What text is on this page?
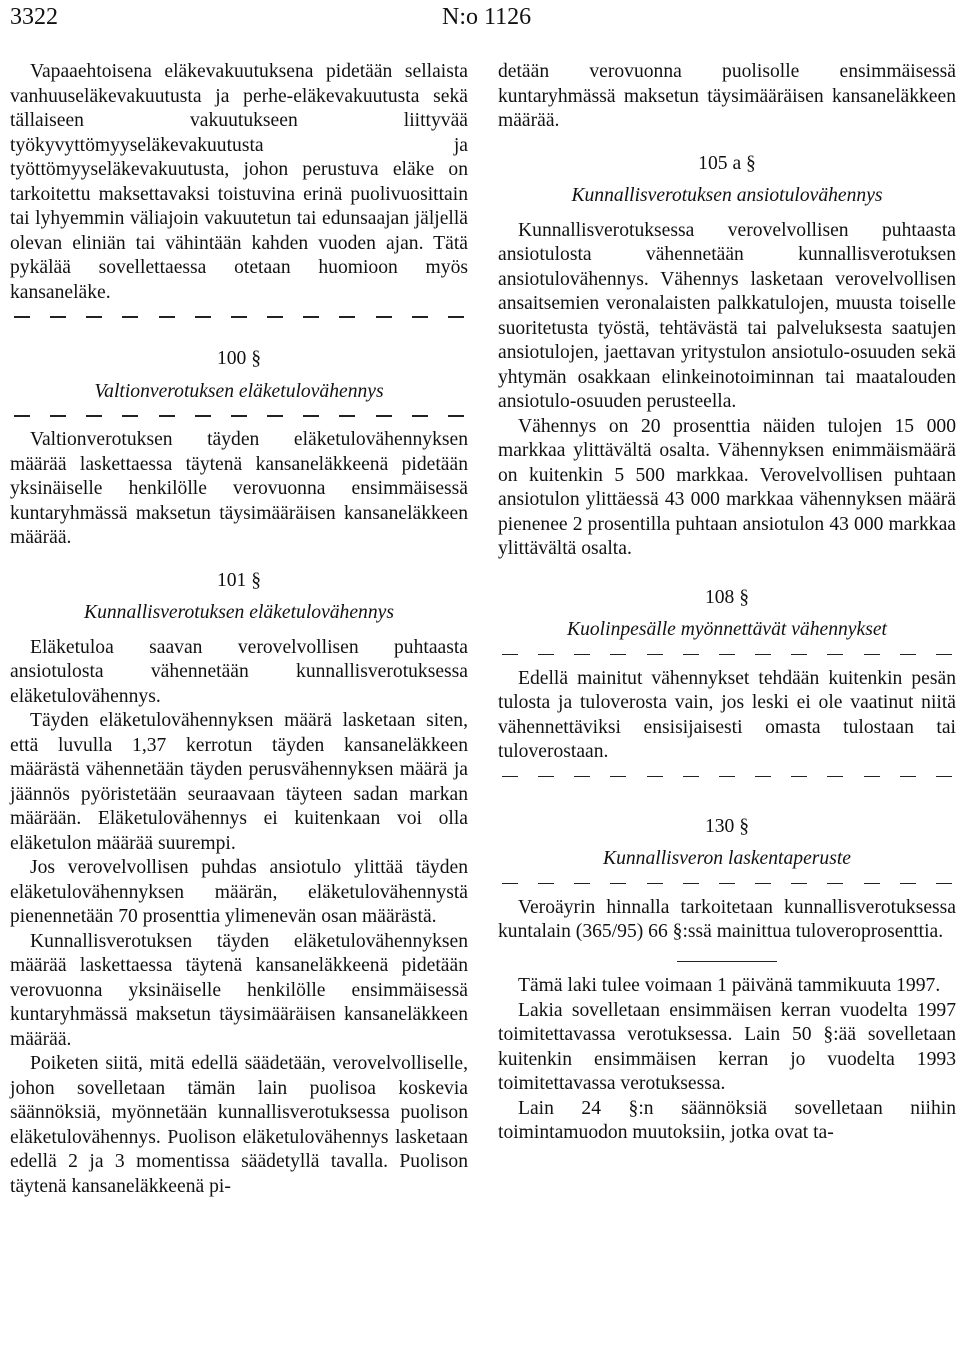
3322	N:o 1126

Vapaaehtoisena eläkevakuutuksena pidetään sellaista vanhuuseläkevakuutusta ja perhe-eläkevakuutusta sekä tällaiseen vakuutukseen liittyvää työkyvyttömyyseläkevakuutusta ja työttömyyseläkevakuutusta, johon perustuva eläke on tarkoitettu maksettavaksi toistuvina erinä puolivuosittain tai lyhyemmin väliajoin vakuutetun tai edunsaajan jäljellä olevan eliniän tai vähintään kahden vuoden ajan. Tätä pykälää sovellettaessa otetaan huomioon myös kansaneläke.

100 §
Valtionverotuksen eläketulovähennys

Valtionverotuksen täyden eläketulovähennyksen määrää laskettaessa täytenä kansaneläkkeenä pidetään yksinäiselle henkilölle verovuonna ensimmäisessä kuntaryhmässä maksetun täysimääräisen kansaneläkkeen määrää.

101 §
Kunnallisverotuksen eläketulovähennys

Eläketuloa saavan verovelvollisen puhtaasta ansiotulosta vähennetään kunnallisverotuksessa eläketulovähennys.

Täyden eläketulovähennyksen määrä lasketaan siten, että luvulla 1,37 kerrotun täyden kansaneläkkeen määrästä vähennetään täyden perusvähennyksen määrä ja jäännös pyöristetään seuraavaan täyteen sadan markan määrään. Eläketulovähennys ei kuitenkaan voi olla eläketulon määrää suurempi.

Jos verovelvollisen puhdas ansiotulo ylittää täyden eläketulovähennyksen määrän, eläketulovähennystä pienennetään 70 prosenttia ylimenevän osan määrästä.

Kunnallisverotuksen täyden eläketulovähennyksen määrää laskettaessa täytenä kansaneläkkeenä pidetään verovuonna yksinäiselle henkilölle ensimmäisessä kuntaryhmässä maksetun täysimääräisen kansaneläkkeen määrää.

Poiketen siitä, mitä edellä säädetään, verovelvolliselle, johon sovelletaan tämän lain puolisoa koskevia säännöksiä, myönnetään kunnallisverotuksessa puolison eläketulovähennys. Puolison eläketulovähennys lasketaan edellä 2 ja 3 momentissa säädetyllä tavalla. Puolison täytenä kansaneläkkeenä pi-

detään verovuonna puolisolle ensimmäisessä kuntaryhmässä maksetun täysimääräisen kansaneläkkeen määrää.

105 a §
Kunnallisverotuksen ansiotulovähennys

Kunnallisverotuksessa verovelvollisen puhtaasta ansiotulosta vähennetään kunnallisverotuksen ansiotulovähennys. Vähennys lasketaan verovelvollisen ansaitsemien veronalaisten palkkatulojen, muusta toiselle suoritetusta työstä, tehtävästä tai palveluksesta saatujen ansiotulojen, jaettavan yritystulon ansiotulo-osuuden sekä yhtymän osakkaan elinkeinotoiminnan tai maatalouden ansiotulo-osuuden perusteella.

Vähennys on 20 prosenttia näiden tulojen 15 000 markkaa ylittävältä osalta. Vähennyksen enimmäismäärä on kuitenkin 5 500 markkaa. Verovelvollisen puhtaan ansiotulon ylittäessä 43 000 markkaa vähennyksen määrä pienenee 2 prosentilla puhtaan ansiotulon 43 000 markkaa ylittävältä osalta.

108 §
Kuolinpesälle myönnettävät vähennykset

Edellä mainitut vähennykset tehdään kuitenkin pesän tulosta ja tuloverosta vain, jos leski ei ole vaatinut niitä vähennettäviksi ensisijaisesti omasta tulostaan tai tuloverostaan.

130 §
Kunnallisveron laskentaperuste

Veroäyrin hinnalla tarkoitetaan kunnallisverotuksessa kuntalain (365/95) 66 §:ssä mainittua tuloveroprosenttia.

Tämä laki tulee voimaan 1 päivänä tammikuuta 1997.

Lakia sovelletaan ensimmäisen kerran vuodelta 1997 toimitettavassa verotuksessa. Lain 50 §:ää sovelletaan kuitenkin ensimmäisen kerran jo vuodelta 1993 toimitettavassa verotuksessa.

Lain 24 §:n säännöksiä sovelletaan niihin toimintamuodon muutoksiin, jotka ovat ta-
